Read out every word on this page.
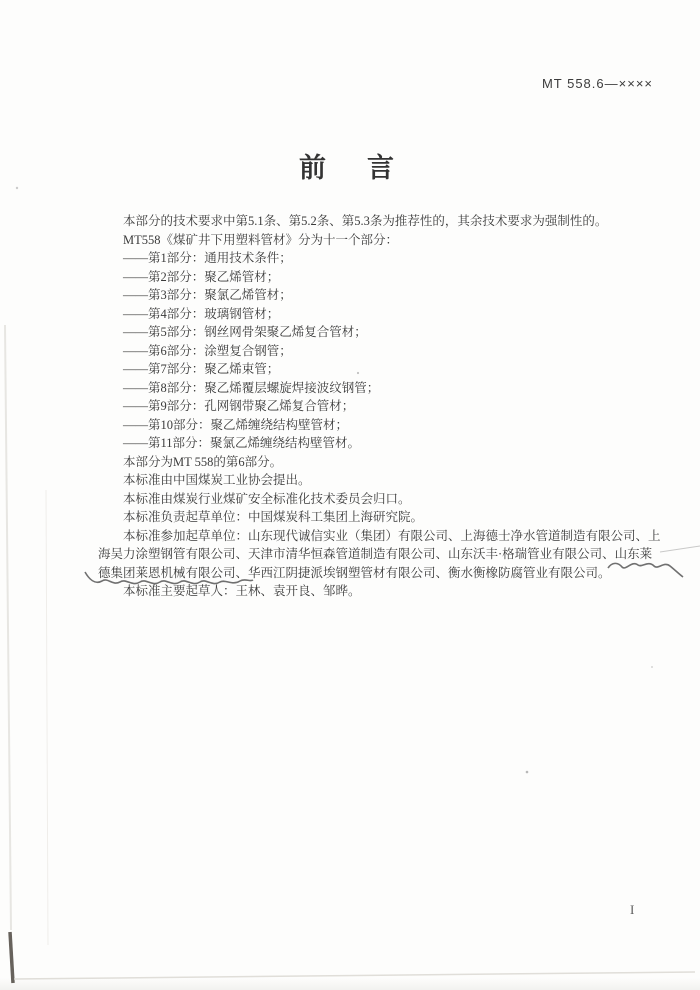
MT 558.6—××××
前　言

本部分的技术要求中第5.1条、第5.2条、第5.3条为推荐性的，其余技术要求为强制性的。

MT558《煤矿井下用塑料管材》分为十一个部分：

——第1部分：通用技术条件；

——第2部分：聚乙烯管材；

——第3部分：聚氯乙烯管材；

——第4部分：玻璃钢管材；

——第5部分：钢丝网骨架聚乙烯复合管材；

——第6部分：涂塑复合钢管；

——第7部分：聚乙烯束管；

——第8部分：聚乙烯覆层螺旋焊接波纹钢管；

——第9部分：孔网钢带聚乙烯复合管材；

——第10部分：聚乙烯缠绕结构壁管材；

——第11部分：聚氯乙烯缠绕结构壁管材。

本部分为MT 558的第6部分。

本标准由中国煤炭工业协会提出。

本标准由煤炭行业煤矿安全标准化技术委员会归口。

本标准负责起草单位：中国煤炭科工集团上海研究院。

本标准参加起草单位：山东现代诚信实业（集团）有限公司、上海德士净水管道制造有限公司、上

海吴力涂塑钢管有限公司、天津市清华恒森管道制造有限公司、山东沃丰·格瑞管业有限公司、山东莱

德集团莱恩机械有限公司、华西江阴捷派埃钢塑管材有限公司、衡水衡橡防腐管业有限公司。

本标准主要起草人：王林、袁开良、邹晔。

I
